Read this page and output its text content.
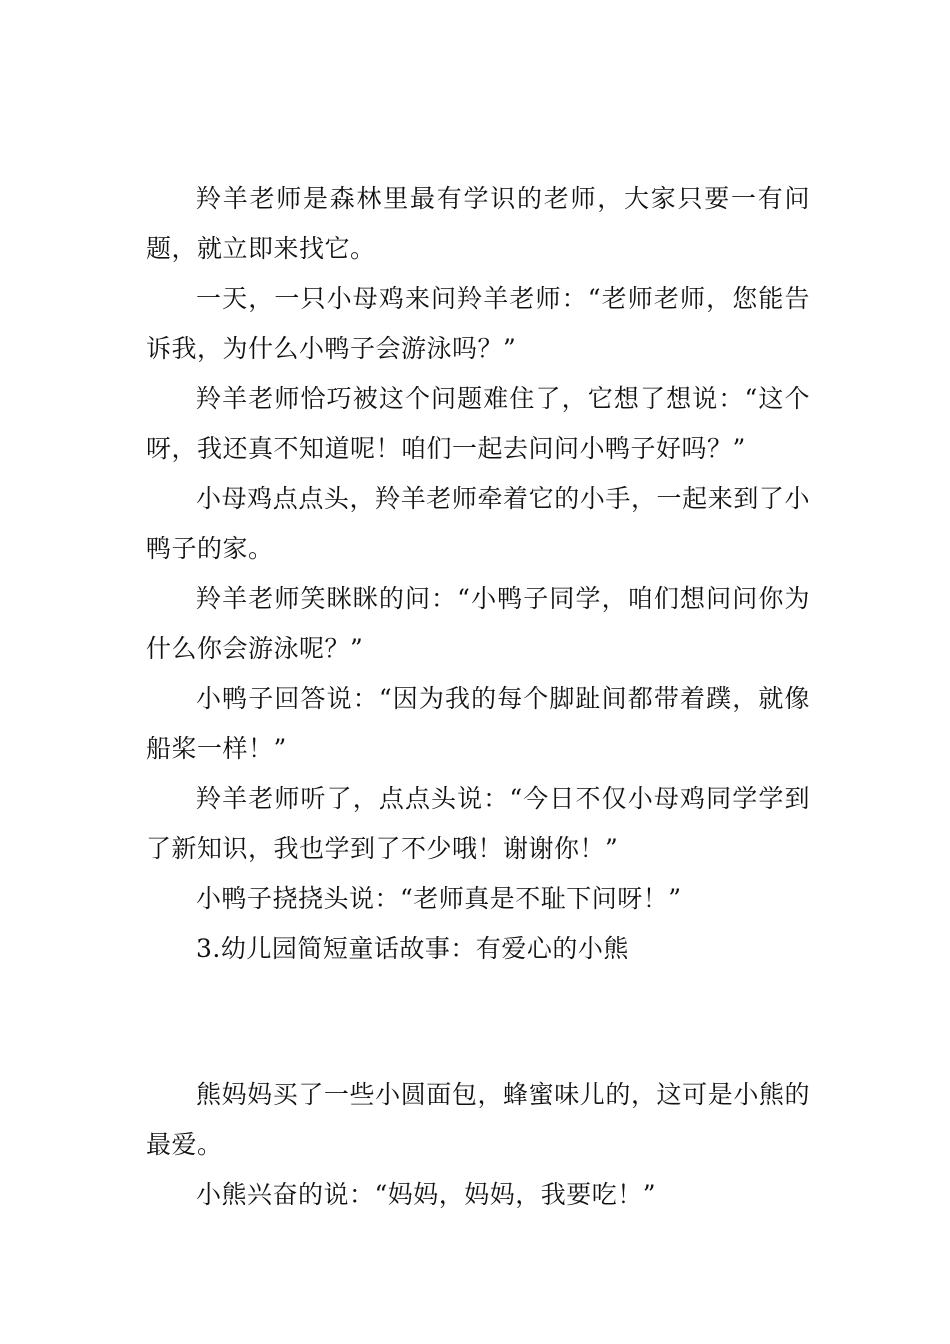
羚羊老师是森林里最有学识的老师，大家只要一有问题，就立即来找它。

一天，一只小母鸡来问羚羊老师：“老师老师，您能告诉我，为什么小鸭子会游泳吗？”

羚羊老师恰巧被这个问题难住了，它想了想说：“这个呀，我还真不知道呢！咱们一起去问问小鸭子好吗？”

小母鸡点点头，羚羊老师牵着它的小手，一起来到了小鸭子的家。

羚羊老师笑眯眯的问：“小鸭子同学，咱们想问问你为什么你会游泳呢？”

小鸭子回答说：“因为我的每个脚趾间都带着蹼，就像船桨一样！”

羚羊老师听了，点点头说：“今日不仅小母鸡同学学到了新知识，我也学到了不少哦！谢谢你！”

小鸭子挠挠头说：“老师真是不耻下问呀！”

3.幼儿园简短童话故事：有爱心的小熊

熊妈妈买了一些小圆面包，蜂蜜味儿的，这可是小熊的最爱。

小熊兴奋的说：“妈妈，妈妈，我要吃！”
